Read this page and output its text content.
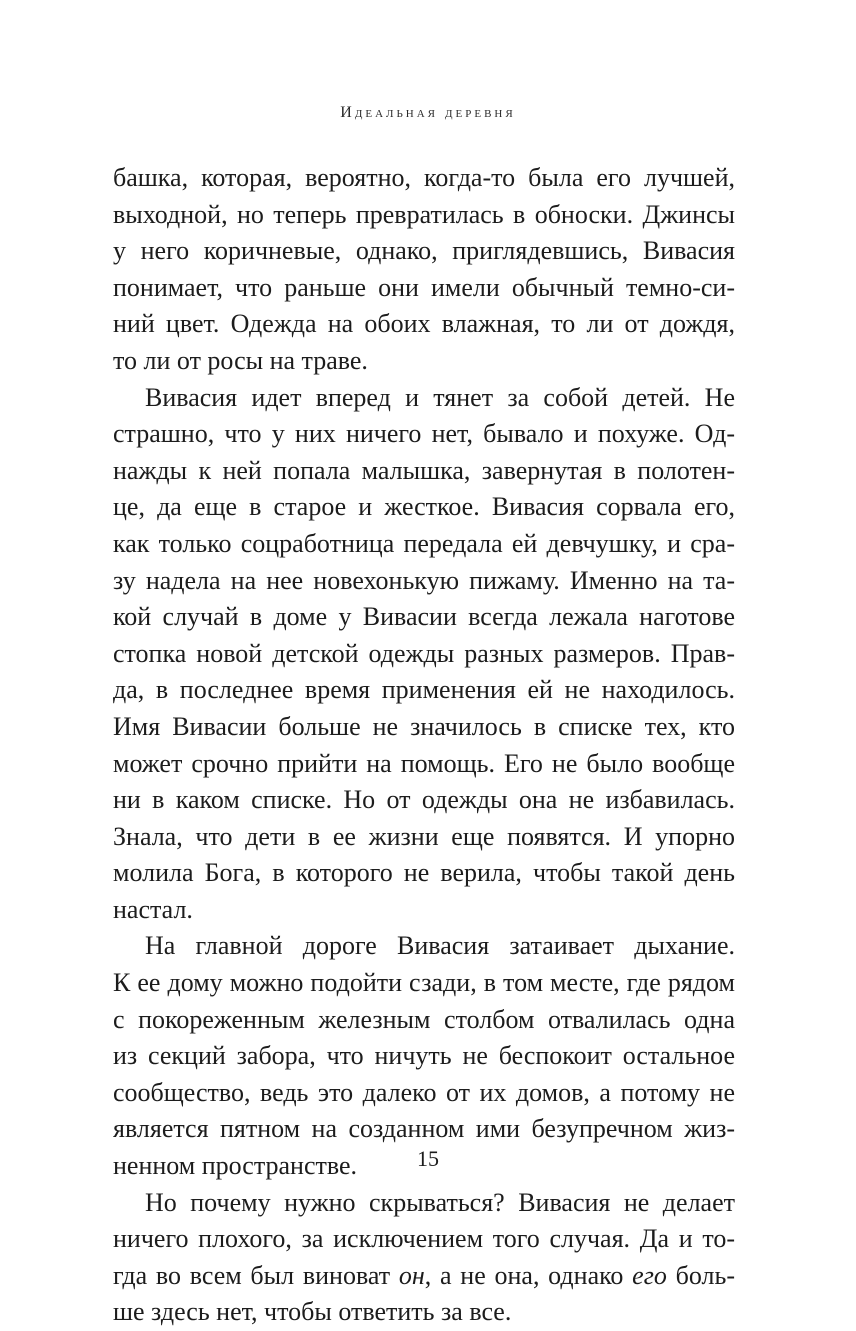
Идеальная деревня
башка, которая, вероятно, когда-то была его лучшей,
выходной, но теперь превратилась в обноски. Джинсы
у него коричневые, однако, приглядевшись, Вивасия
понимает, что раньше они имели обычный темно-си-
ний цвет. Одежда на обоих влажная, то ли от дождя,
то ли от росы на траве.
Вивасия идет вперед и тянет за собой детей. Не
страшно, что у них ничего нет, бывало и похуже. Од-
нажды к ней попала малышка, завернутая в полотен-
це, да еще в старое и жесткое. Вивасия сорвала его,
как только соцработница передала ей девчушку, и сра-
зу надела на нее новехонькую пижаму. Именно на та-
кой случай в доме у Вивасии всегда лежала наготове
стопка новой детской одежды разных размеров. Прав-
да, в последнее время применения ей не находилось.
Имя Вивасии больше не значилось в списке тех, кто
может срочно прийти на помощь. Его не было вообще
ни в каком списке. Но от одежды она не избавилась.
Знала, что дети в ее жизни еще появятся. И упорно
молила Бога, в которого не верила, чтобы такой день
настал.
На главной дороге Вивасия затаивает дыхание.
К ее дому можно подойти сзади, в том месте, где рядом
с покореженным железным столбом отвалилась одна
из секций забора, что ничуть не беспокоит остальное
сообщество, ведь это далеко от их домов, а потому не
является пятном на созданном ими безупречном жиз-
ненном пространстве.
Но почему нужно скрываться? Вивасия не делает
ничего плохого, за исключением того случая. Да и то-
гда во всем был виноват он, а не она, однако его боль-
ше здесь нет, чтобы ответить за все.
15
